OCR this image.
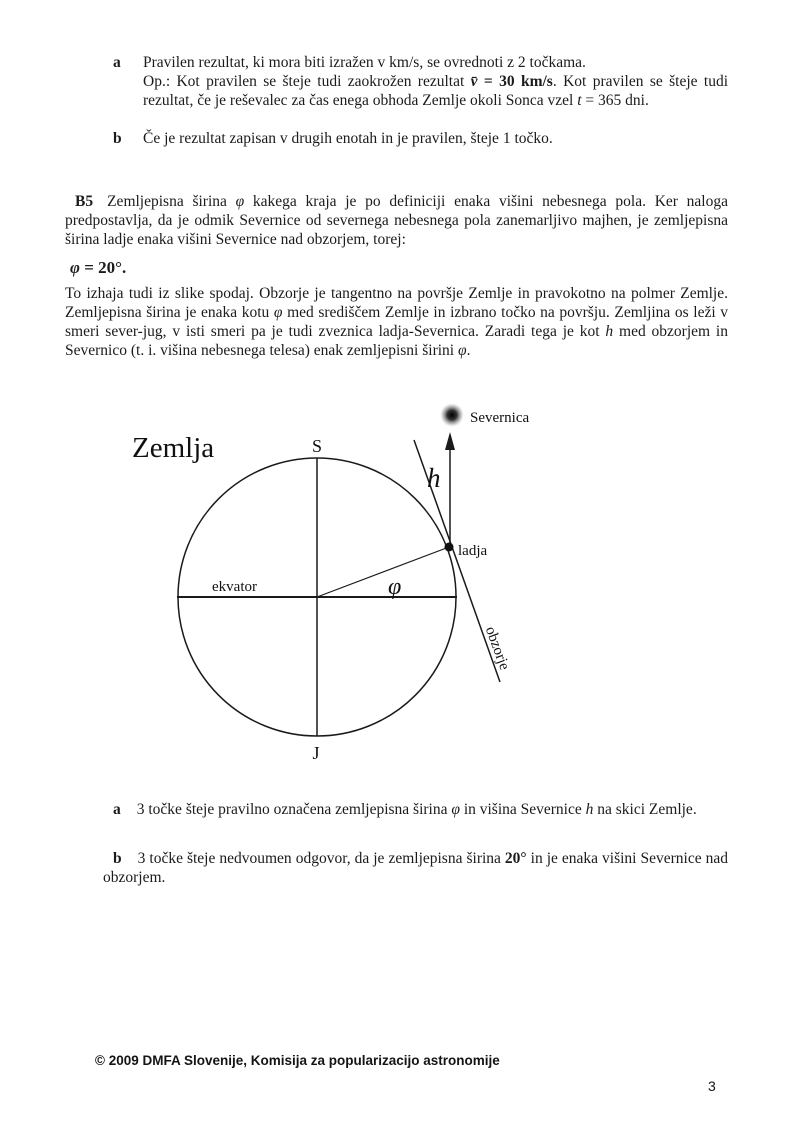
a Pravilen rezultat, ki mora biti izražen v km/s, se ovrednoti z 2 točkama.
Op.: Kot pravilen se šteje tudi zaokrožen rezultat v̄ = 30 km/s. Kot pravilen se šteje tudi rezultat, če je reševalec za čas enega obhoda Zemlje okoli Sonca vzel t = 365 dni.
b Če je rezultat zapisan v drugih enotah in je pravilen, šteje 1 točko.
B5 Zemljepisna širina φ kakega kraja je po definiciji enaka višini nebesnega pola. Ker naloga predpostavlja, da je odmik Severnice od severnega nebesnega pola zanemarljivo majhen, je zemljepisna širina ladje enaka višini Severnice nad obzorjem, torej:
φ = 20°.
To izhaja tudi iz slike spodaj. Obzorje je tangentno na površje Zemlje in pravokotno na polmer Zemlje. Zemljepisna širina je enaka kotu φ med središčem Zemlje in izbrano točko na površju. Zemljina os leži v smeri sever-jug, v isti smeri pa je tudi zveznica ladja-Severnica. Zaradi tega je kot h med obzorjem in Severnico (t. i. višina nebesnega telesa) enak zemljepisni širini φ.
Zemlja	S
J
ekvator	φ
ladja
h
Severnica
obzorje

a 3 točke šteje pravilno označena zemljepisna širina φ in višina Severnice h na skici Zemlje.

b 3 točke šteje nedvoumen odgovor, da je zemljepisna širina 20° in je enaka višini Severnice nad obzorjem.

© 2009 DMFA Slovenije, Komisija za popularizacijo astronomije
3
